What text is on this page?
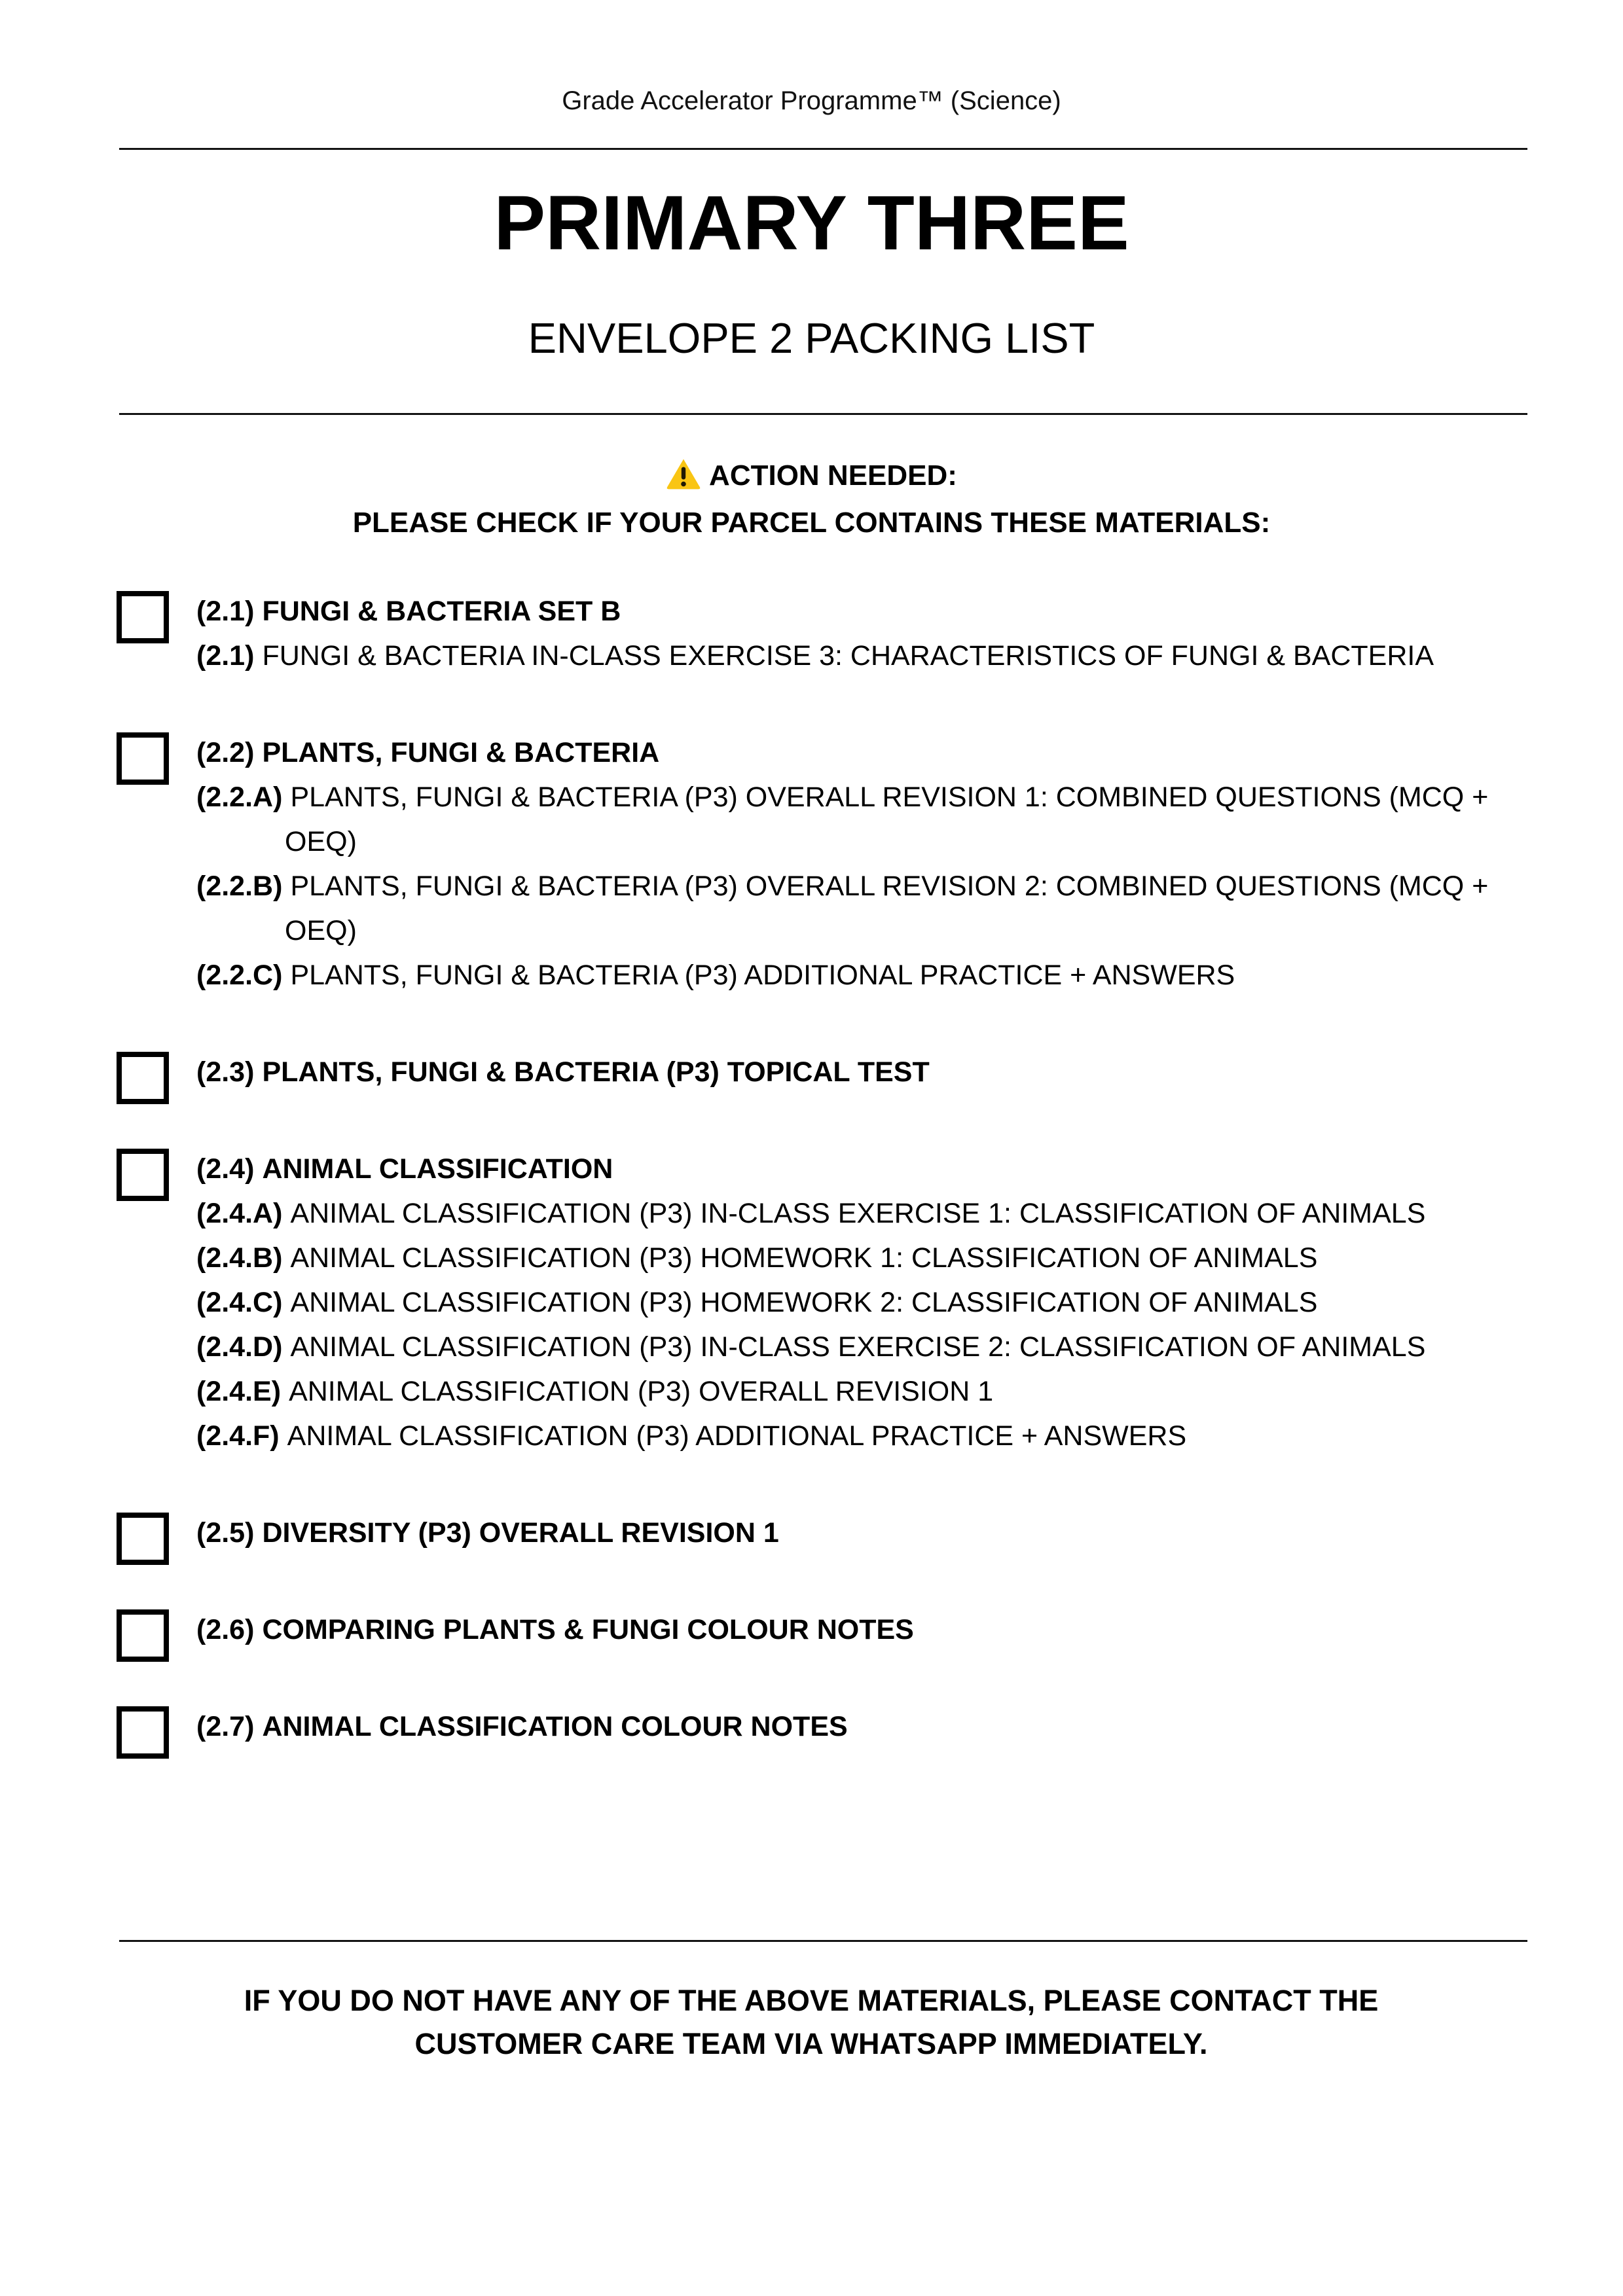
Grade Accelerator Programme™ (Science)
PRIMARY THREE
ENVELOPE 2 PACKING LIST
ACTION NEEDED:
PLEASE CHECK IF YOUR PARCEL CONTAINS THESE MATERIALS:
(2.1) FUNGI & BACTERIA SET B
(2.1) FUNGI & BACTERIA IN-CLASS EXERCISE 3: CHARACTERISTICS OF FUNGI & BACTERIA
(2.2) PLANTS, FUNGI & BACTERIA
(2.2.A) PLANTS, FUNGI & BACTERIA (P3) OVERALL REVISION 1: COMBINED QUESTIONS (MCQ + OEQ)
(2.2.B) PLANTS, FUNGI & BACTERIA (P3) OVERALL REVISION 2: COMBINED QUESTIONS (MCQ + OEQ)
(2.2.C) PLANTS, FUNGI & BACTERIA (P3) ADDITIONAL PRACTICE + ANSWERS
(2.3) PLANTS, FUNGI & BACTERIA (P3) TOPICAL TEST
(2.4) ANIMAL CLASSIFICATION
(2.4.A) ANIMAL CLASSIFICATION (P3) IN-CLASS EXERCISE 1: CLASSIFICATION OF ANIMALS
(2.4.B) ANIMAL CLASSIFICATION (P3) HOMEWORK 1: CLASSIFICATION OF ANIMALS
(2.4.C) ANIMAL CLASSIFICATION (P3) HOMEWORK 2: CLASSIFICATION OF ANIMALS
(2.4.D) ANIMAL CLASSIFICATION (P3) IN-CLASS EXERCISE 2: CLASSIFICATION OF ANIMALS
(2.4.E) ANIMAL CLASSIFICATION (P3) OVERALL REVISION 1
(2.4.F) ANIMAL CLASSIFICATION (P3) ADDITIONAL PRACTICE + ANSWERS
(2.5) DIVERSITY (P3) OVERALL REVISION 1
(2.6) COMPARING PLANTS & FUNGI COLOUR NOTES
(2.7) ANIMAL CLASSIFICATION COLOUR NOTES
IF YOU DO NOT HAVE ANY OF THE ABOVE MATERIALS, PLEASE CONTACT THE CUSTOMER CARE TEAM VIA WHATSAPP IMMEDIATELY.
